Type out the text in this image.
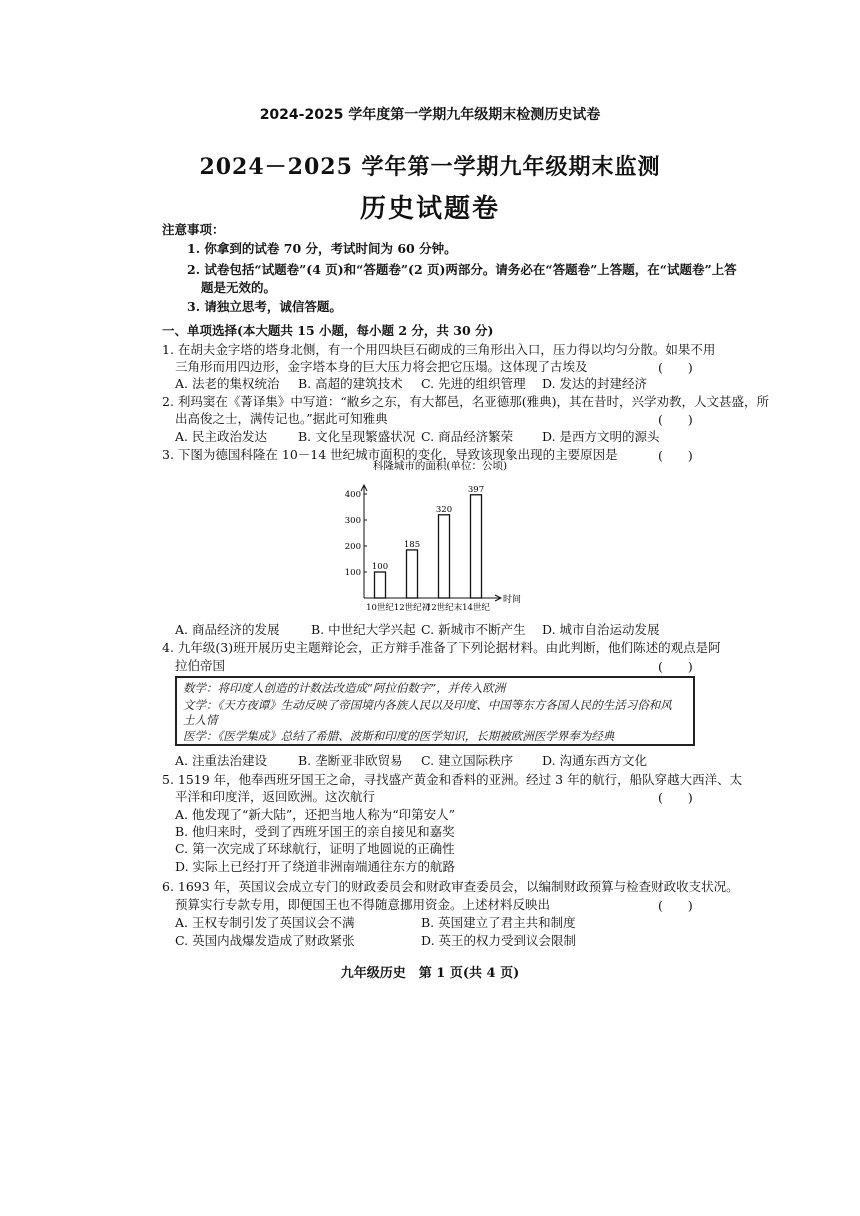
2024-2025 学年度第一学期九年级期末检测历史试卷
2024－2025 学年第一学期九年级期末监测
历史试题卷
注意事项：
1. 你拿到的试卷 70 分，考试时间为 60 分钟。
2. 试卷包括“试题卷”(4 页)和“答题卷”(2 页)两部分。请务必在“答题卷”上答题，在“试题卷”上答
题是无效的。
3. 请独立思考，诚信答题。
一、单项选择(本大题共 15 小题，每小题 2 分，共 30 分)
1. 在胡夫金字塔的塔身北侧，有一个用四块巨石砌成的三角形出入口，压力得以均匀分散。如果不用
三角形而用四边形，金字塔本身的巨大压力将会把它压塌。这体现了古埃及	(　　)
A. 法老的集权统治 B. 高超的建筑技术 C. 先进的组织管理 D. 发达的封建经济
2. 利玛窦在《菁译集》中写道：“敝乡之东，有大都邑，名亚德那(雅典)，其在昔时，兴学劝教，人文甚盛，所
出高俊之士，满传记也。”据此可知雅典	(　　)
A. 民主政治发达 B. 文化呈现繁盛状况 C. 商品经济繁荣 D. 是西方文明的源头
3. 下图为德国科隆在 10－14 世纪城市面积的变化，导致该现象出现的主要原因是	(　　)
科隆城市的面积(单位：公顷)
100
200
300
400
100
10世纪
185
12世纪初
320
12世纪末
397
14世纪
时间
A. 商品经济的发展	B. 中世纪大学兴起 C. 新城市不断产生 D. 城市自治运动发展
4. 九年级(3)班开展历史主题辩论会，正方辩手准备了下列论据材料。由此判断，他们陈述的观点是阿
拉伯帝国	(　　)
数学：将印度人创造的计数法改造成“阿拉伯数字”，并传入欧洲
文学：《天方夜谭》生动反映了帝国境内各族人民以及印度、中国等东方各国人民的生活习俗和风
土人情
医学：《医学集成》总结了希腊、波斯和印度的医学知识，长期被欧洲医学界奉为经典
A. 注重法治建设 B. 垄断亚非欧贸易 C. 建立国际秩序 D. 沟通东西方文化
5. 1519 年，他奉西班牙国王之命，寻找盛产黄金和香料的亚洲。经过 3 年的航行，船队穿越大西洋、太
平洋和印度洋，返回欧洲。这次航行	(　　)
A. 他发现了“新大陆”，还把当地人称为“印第安人”
B. 他归来时，受到了西班牙国王的亲自接见和嘉奖
C. 第一次完成了环球航行，证明了地圆说的正确性
D. 实际上已经打开了绕道非洲南端通往东方的航路
6. 1693 年，英国议会成立专门的财政委员会和财政审查委员会，以编制财政预算与检查财政收支状况。
预算实行专款专用，即便国王也不得随意挪用资金。上述材料反映出	(　　)
A. 王权专制引发了英国议会不满	B. 英国建立了君主共和制度
C. 英国内战爆发造成了财政紧张	D. 英王的权力受到议会限制
九年级历史　第 1 页(共 4 页)
